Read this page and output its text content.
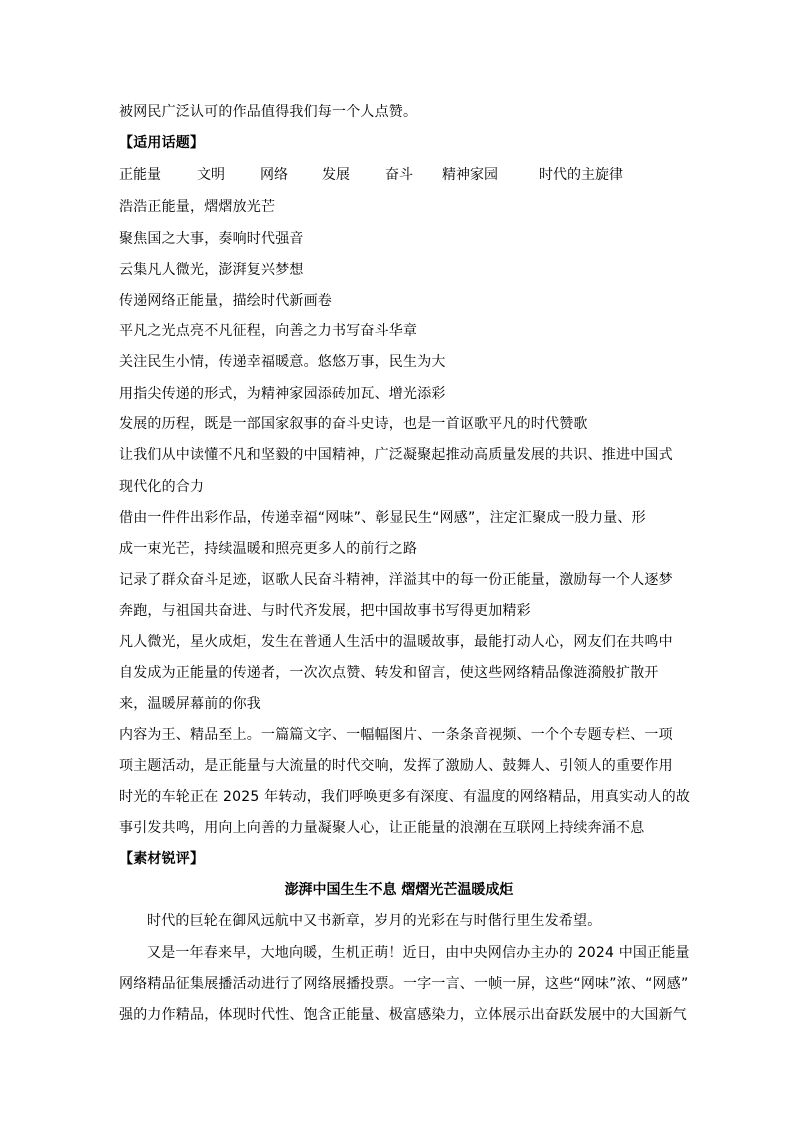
被网民广泛认可的作品值得我们每一个人点赞。
【适用话题】
正能量	文明	网络 发展	奋斗 精神家园	时代的主旋律
浩浩正能量，熠熠放光芒
聚焦国之大事，奏响时代强音
云集凡人微光，澎湃复兴梦想
传递网络正能量，描绘时代新画卷
平凡之光点亮不凡征程，向善之力书写奋斗华章
关注民生小情，传递幸福暖意。悠悠万事，民生为大
用指尖传递的形式，为精神家园添砖加瓦、增光添彩
发展的历程，既是一部国家叙事的奋斗史诗，也是一首讴歌平凡的时代赞歌
让我们从中读懂不凡和坚毅的中国精神，广泛凝聚起推动高质量发展的共识、推进中国式
现代化的合力
借由一件件出彩作品，传递幸福“网味”、彰显民生“网感”，注定汇聚成一股力量、形
成一束光芒，持续温暖和照亮更多人的前行之路
记录了群众奋斗足迹，讴歌人民奋斗精神，洋溢其中的每一份正能量，激励每一个人逐梦
奔跑，与祖国共奋进、与时代齐发展，把中国故事书写得更加精彩
凡人微光，星火成炬，发生在普通人生活中的温暖故事，最能打动人心，网友们在共鸣中
自发成为正能量的传递者，一次次点赞、转发和留言，使这些网络精品像涟漪般扩散开
来，温暖屏幕前的你我
内容为王、精品至上。一篇篇文字、一幅幅图片、一条条音视频、一个个专题专栏、一项
项主题活动，是正能量与大流量的时代交响，发挥了激励人、鼓舞人、引领人的重要作用
时光的车轮正在 2025 年转动，我们呼唤更多有深度、有温度的网络精品，用真实动人的故
事引发共鸣，用向上向善的力量凝聚人心，让正能量的浪潮在互联网上持续奔涌不息
【素材锐评】
澎湃中国生生不息 熠熠光芒温暖成炬
时代的巨轮在御风远航中又书新章，岁月的光彩在与时偕行里生发希望。
又是一年春来早，大地向暖，生机正萌！近日，由中央网信办主办的 2024 中国正能量
网络精品征集展播活动进行了网络展播投票。一字一言、一帧一屏，这些“网味”浓、“网感”
强的力作精品，体现时代性、饱含正能量、极富感染力，立体展示出奋跃发展中的大国新气
